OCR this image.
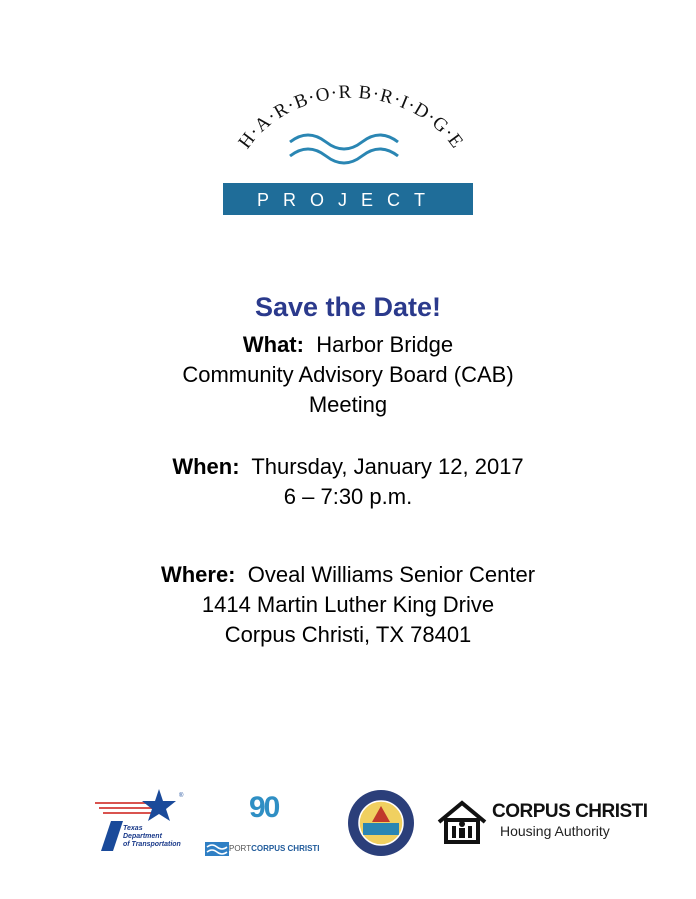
H·A·R·B·O·R B·R·I·D·G·E
PROJECT

Save the Date!

What: Harbor Bridge

Community Advisory Board (CAB)

Meeting

When: Thursday, January 12, 2017

6 – 7:30 p.m.

Where: Oveal Williams Senior Center

1414 Martin Luther King Drive

Corpus Christi, TX 78401

®
Texas
Department
of Transportation
90
PORTCORPUS CHRISTI
CORPUS CHRISTI
Housing Authority
